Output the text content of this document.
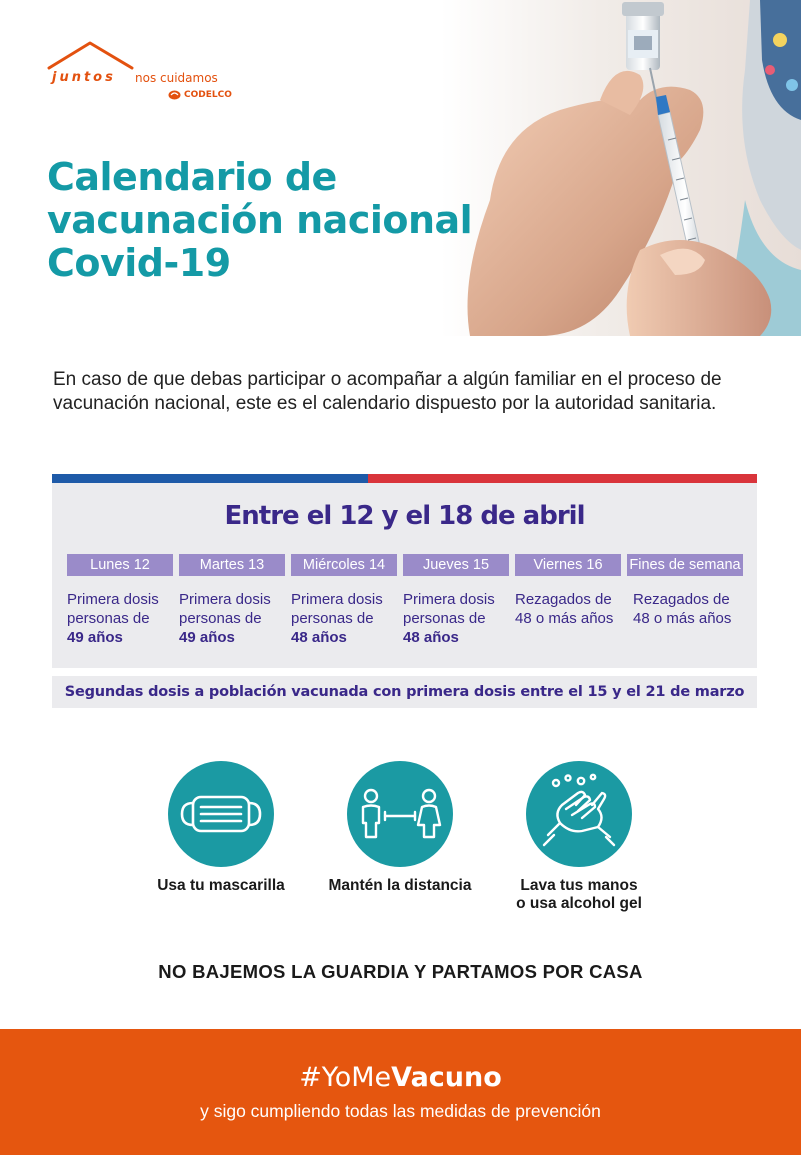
juntos nos cuidamos
CODELCO
Calendario de
vacunación nacional
Covid-19

En caso de que debas participar o acompañar a algún familiar en el proceso de vacunación nacional, este es el calendario dispuesto por la autoridad sanitaria.

Entre el 12 y el 18 de abril
Lunes 12
Primera dosis personas de
49 años
Martes 13
Primera dosis personas de
49 años
Miércoles 14
Primera dosis personas de
48 años
Jueves 15
Primera dosis personas de
48 años
Viernes 16
Rezagados de 48 o más años
Fines de semana
Rezagados de 48 o más años
Segundas dosis a población vacunada con primera dosis entre el 15 y el 21 de marzo
Usa tu mascarilla	Mantén la distancia	Lava tus manos
o usa alcohol gel
NO BAJEMOS LA GUARDIA Y PARTAMOS POR CASA
#YoMeVacuno
y sigo cumpliendo todas las medidas de prevención
